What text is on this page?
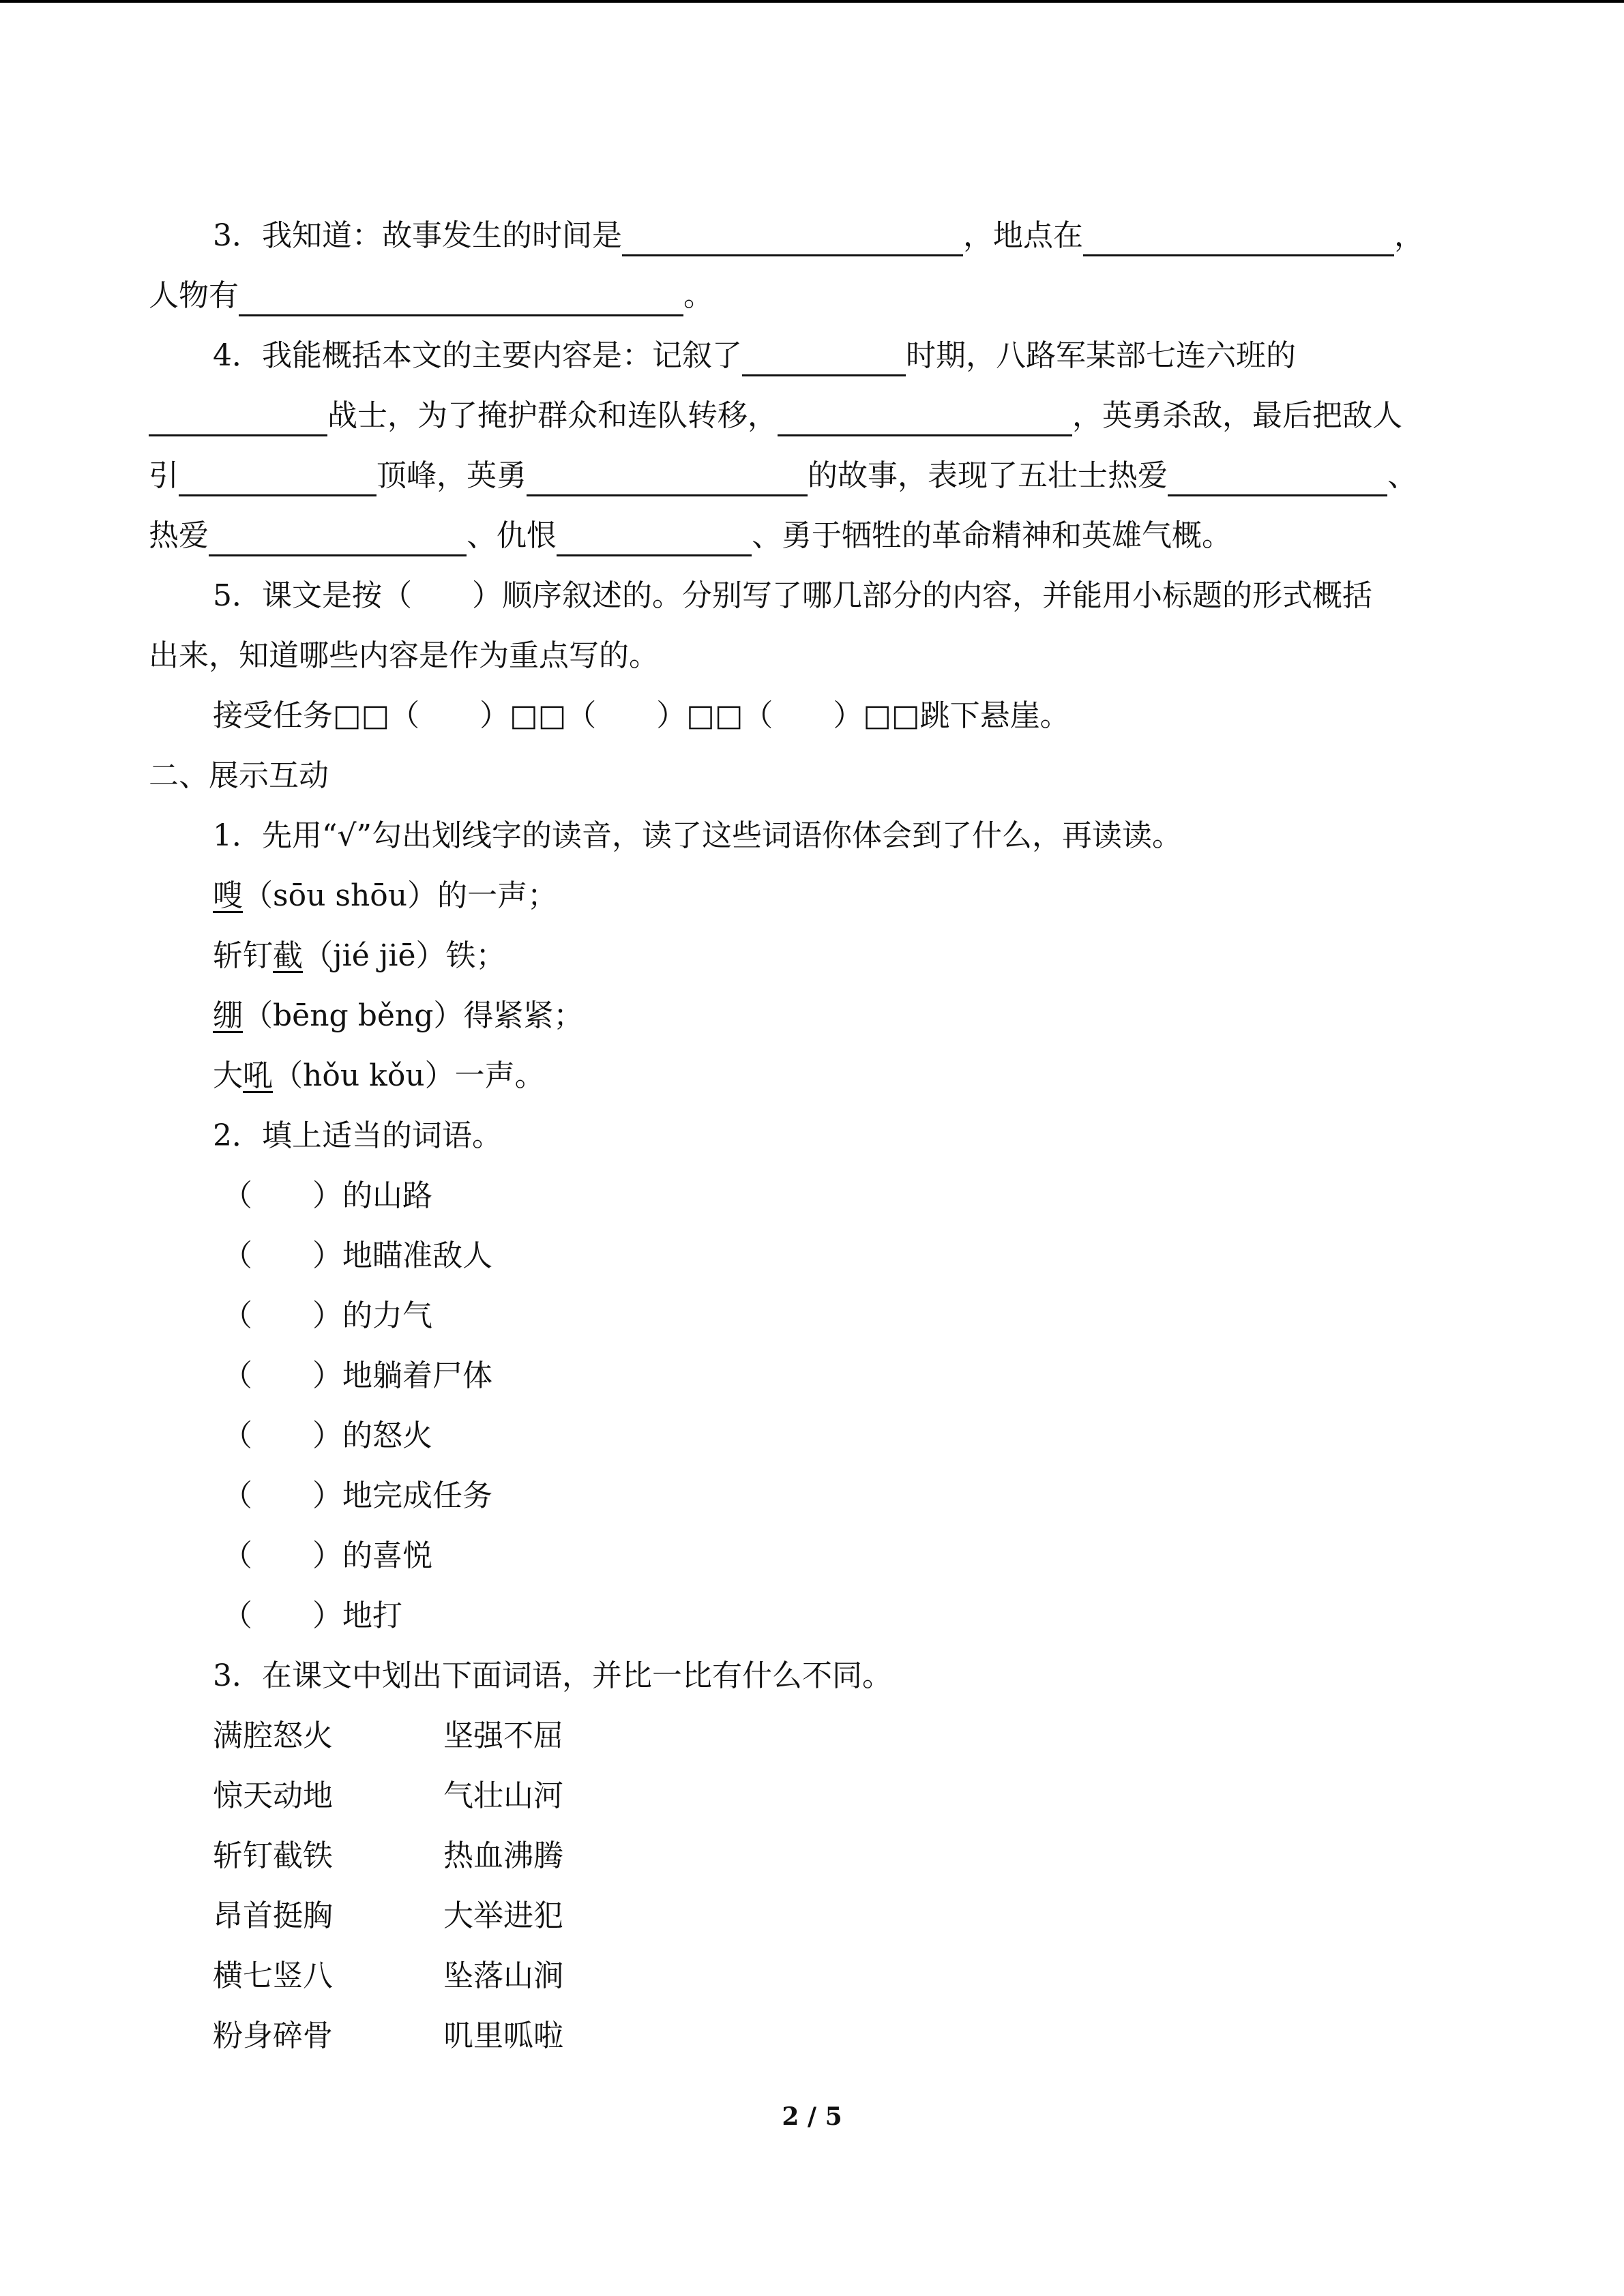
3．我知道：故事发生的时间是	，地点在	，
人物有	。
4．我能概括本文的主要内容是：记叙了	时期，八路军某部七连六班的
战士，为了掩护群众和连队转移，	，英勇杀敌，最后把敌人
引	顶峰，英勇	的故事，表现了五壮士热爱	、
热爱	、仇恨	、勇于牺牲的革命精神和英雄气概。
5．课文是按（　　）顺序叙述的。分别写了哪几部分的内容，并能用小标题的形式概括
出来，知道哪些内容是作为重点写的。
接受任务□□（　　）□□（　　）□□（　　）□□跳下悬崖。
二、展示互动
1．先用“√”勾出划线字的读音，读了这些词语你体会到了什么，再读读。
嗖（sōu shōu）的一声；
斩钉截（jié jiē）铁；
绷（bēng běng）得紧紧；
大吼（hǒu kǒu）一声。
2．填上适当的词语。
（　　）的山路
（　　）地瞄准敌人
（　　）的力气
（　　）地躺着尸体
（　　）的怒火
（　　）地完成任务
（　　）的喜悦
（　　）地打
3．在课文中划出下面词语，并比一比有什么不同。
满腔怒火	坚强不屈
惊天动地	气壮山河
斩钉截铁	热血沸腾
昂首挺胸	大举进犯
横七竖八	坠落山涧
粉身碎骨	叽里呱啦
2 / 5
